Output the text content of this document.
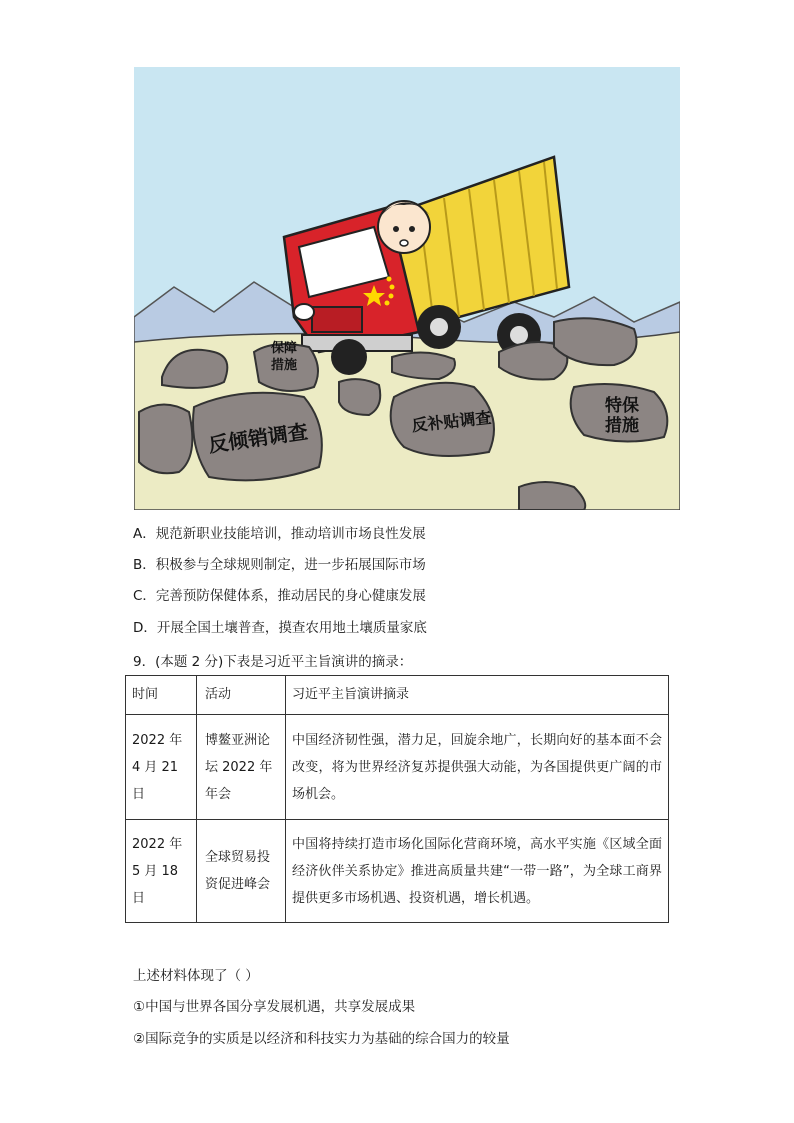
保障
措施
反倾销调查	反补贴调查
特保
措施
A．规范新职业技能培训，推动培训市场良性发展
B．积极参与全球规则制定，进一步拓展国际市场
C．完善预防保健体系，推动居民的身心健康发展
D．开展全国土壤普查，摸查农用地土壤质量家底
9．(本题 2 分)下表是习近平主旨演讲的摘录：
时间	活动	习近平主旨演讲摘录

2022 年
4 月 21 日	博鳌亚洲论坛 2022 年年会	中国经济韧性强，潜力足，回旋余地广，长期向好的基本面不会改变，将为世界经济复苏提供强大动能，为各国提供更广阔的市场机会。

2022 年
5 月 18 日	全球贸易投资促进峰会	中国将持续打造市场化国际化营商环境，高水平实施《区域全面经济伙伴关系协定》推进高质量共建“一带一路”，为全球工商界提供更多市场机遇、投资机遇，增长机遇。
上述材料体现了（ ）
①中国与世界各国分享发展机遇，共享发展成果
②国际竞争的实质是以经济和科技实力为基础的综合国力的较量
